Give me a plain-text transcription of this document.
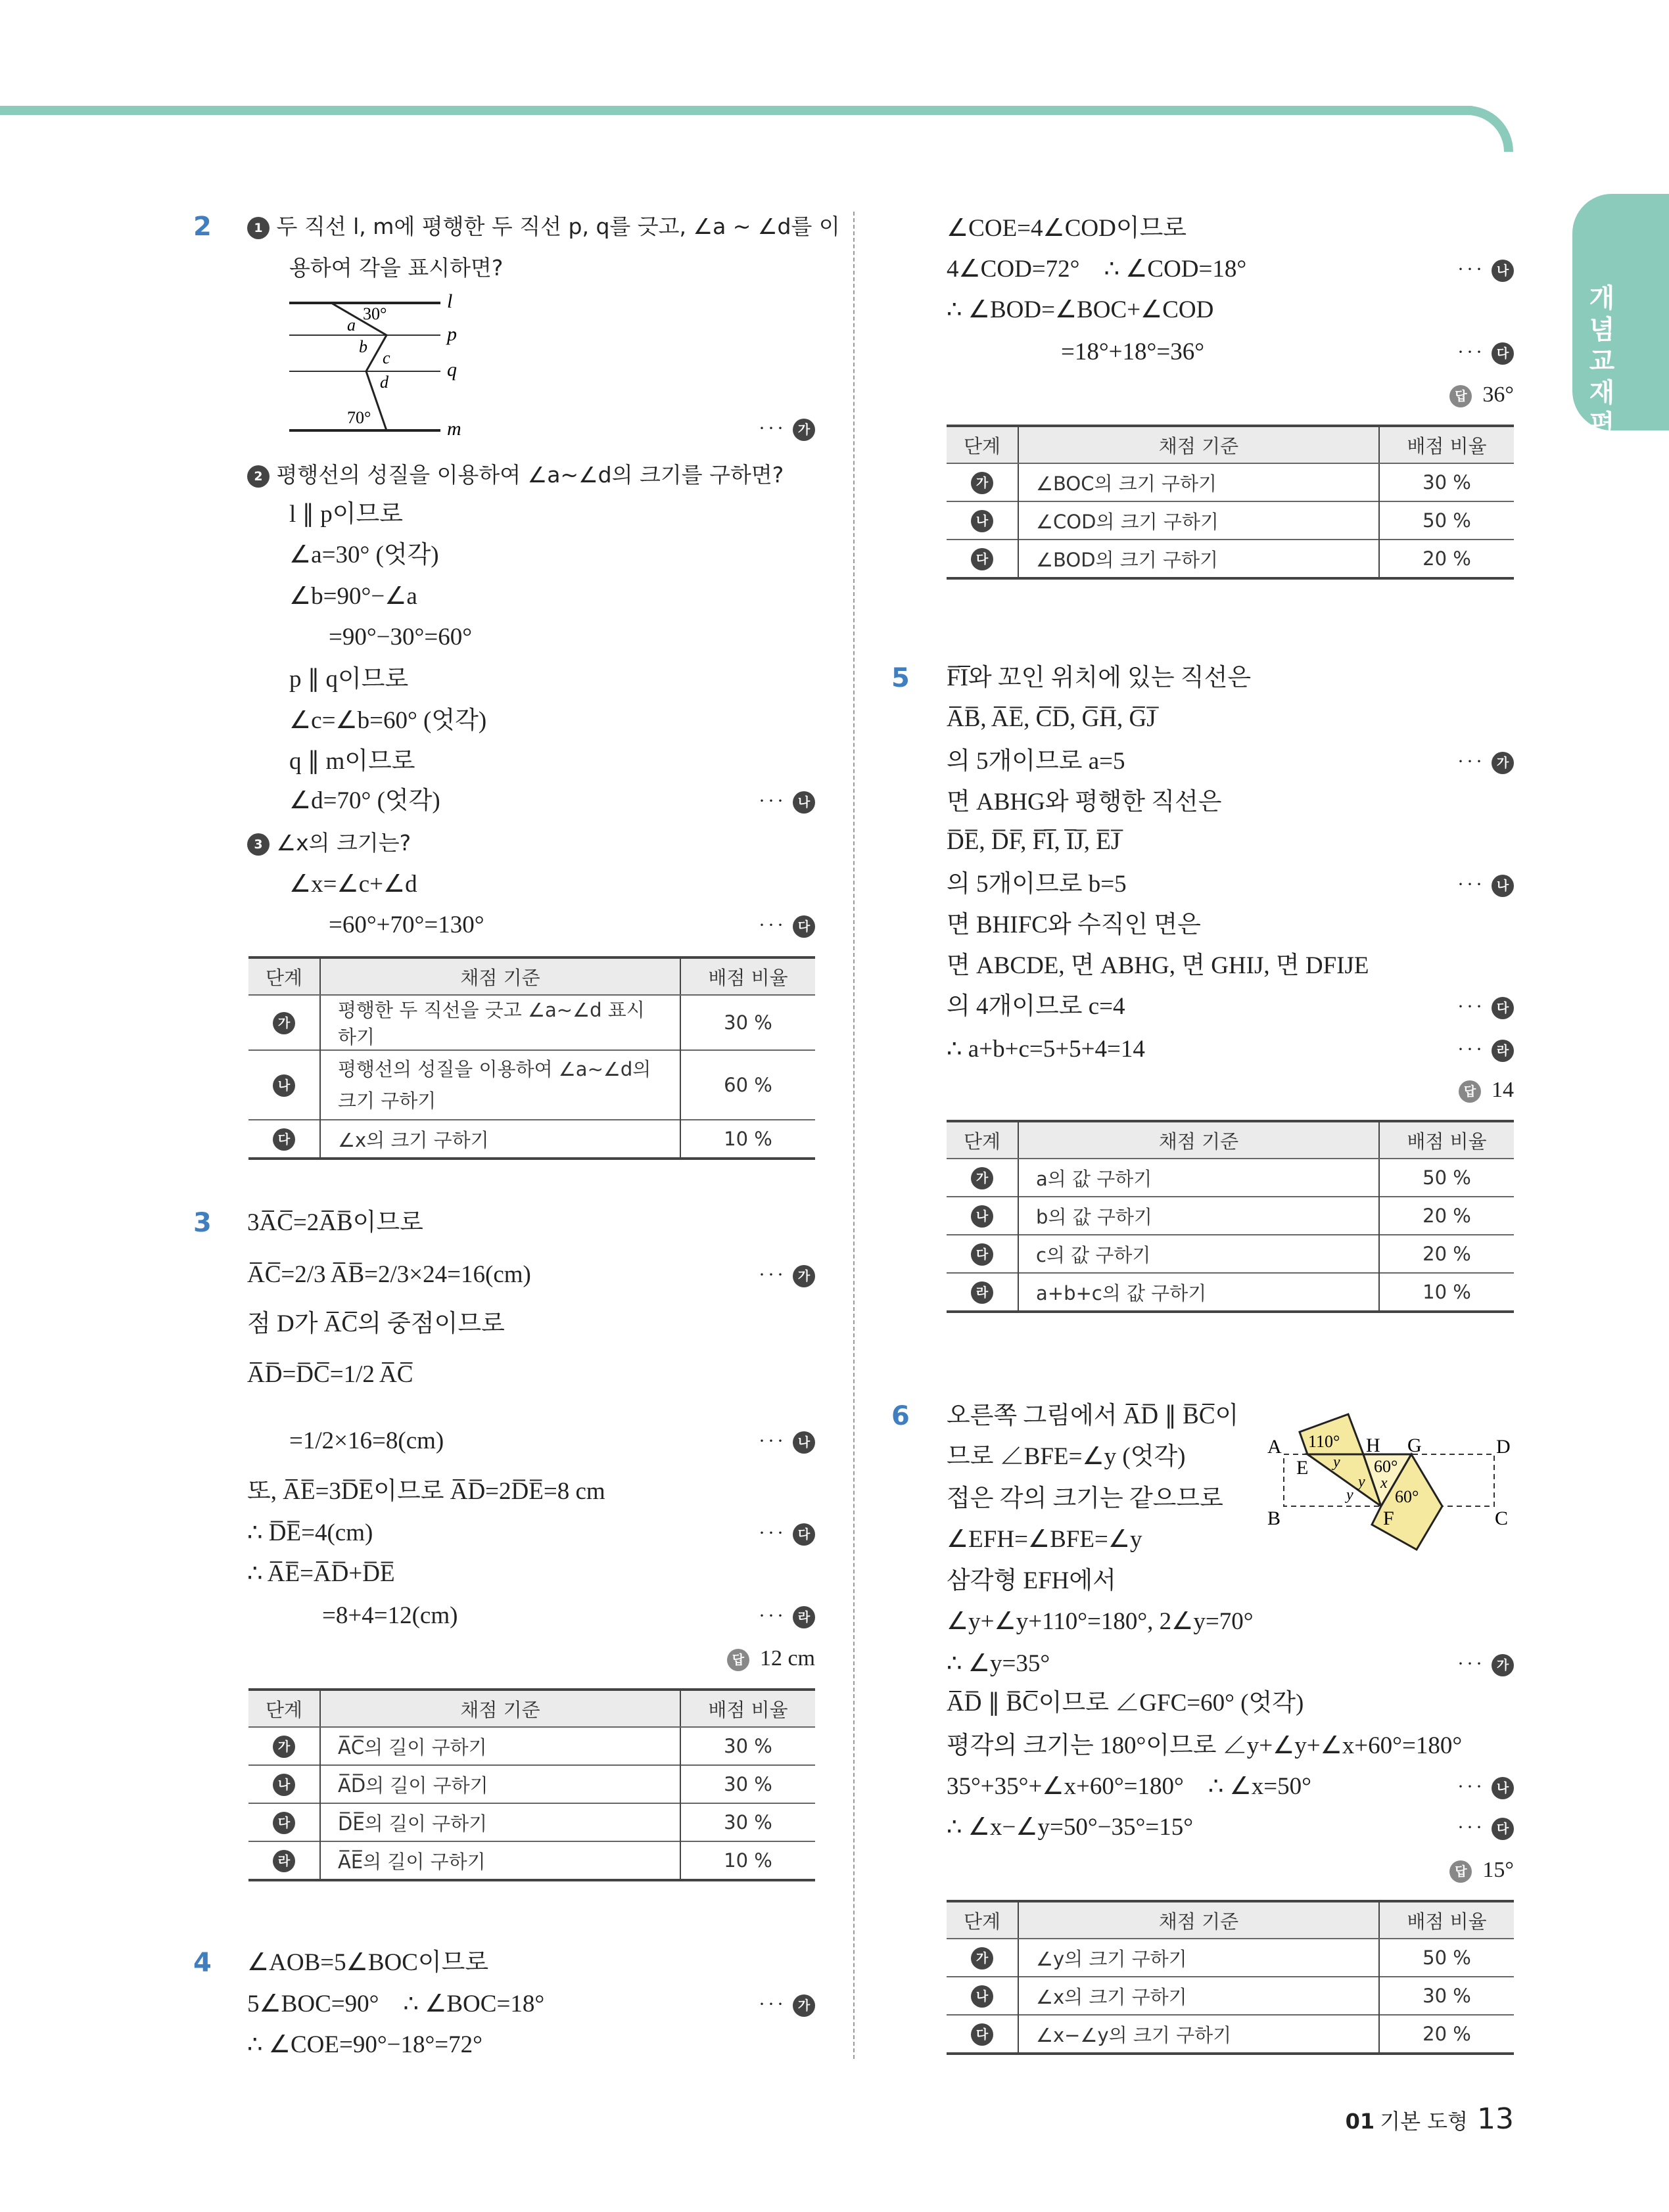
개념교재편
2	1 두 직선 l, m에 평행한 두 직선 p, q를 긋고, ∠a ~ ∠d를 이
용하여 각을 표시하면?
l
p
q
m
30°
a
b
c
d
70°	··· 가
2 평행선의 성질을 이용하여 ∠a~∠d의 크기를 구하면?
l ∥ p이므로
∠a=30° (엇각)
∠b=90°−∠a
=90°−30°=60°
p ∥ q이므로
∠c=∠b=60° (엇각)
q ∥ m이므로
∠d=70° (엇각)	··· 나
3 ∠x의 크기는?
∠x=∠c+∠d
=60°+70°=130°	··· 다
단계	채점 기준	배점 비율
가	평행한 두 직선을 긋고 ∠a~∠d 표시하기	30 %
나	평행선의 성질을 이용하여 ∠a~∠d의 크기 구하기	60 %
다	∠x의 크기 구하기	10 %
3 3A̅C̅=2A̅B̅이므로
A̅C̅=2/3 A̅B̅=2/3×24=16(cm)	··· 가
점 D가 A̅C̅의 중점이므로
A̅D̅=D̅C̅=1/2 A̅C̅
=1/2×16=8(cm)	··· 나
또, A̅E̅=3D̅E̅이므로 A̅D̅=2D̅E̅=8 cm
∴ D̅E̅=4(cm)	··· 다
∴ A̅E̅=A̅D̅+D̅E̅
=8+4=12(cm)	··· 라
답 12 cm
단계	채점 기준	배점 비율
가	A̅C̅의 길이 구하기	30 %
나	A̅D̅의 길이 구하기	30 %
다	D̅E̅의 길이 구하기	30 %
라	A̅E̅의 길이 구하기	10 %
4 ∠AOB=5∠BOC이므로
5∠BOC=90°    ∴ ∠BOC=18°	··· 가
∴ ∠COE=90°−18°=72°
∠COE=4∠COD이므로
4∠COD=72°    ∴ ∠COD=18°	··· 나
∴ ∠BOD=∠BOC+∠COD
=18°+18°=36°	··· 다
답 36°
단계	채점 기준	배점 비율
가	∠BOC의 크기 구하기	30 %
나	∠COD의 크기 구하기	50 %
다	∠BOD의 크기 구하기	20 %
5 F̅I̅와 꼬인 위치에 있는 직선은
A̅B̅, A̅E̅, C̅D̅, G̅H̅, G̅J̅
의 5개이므로 a=5	··· 가
면 ABHG와 평행한 직선은
D̅E̅, D̅F̅, F̅I̅, I̅J̅, E̅J̅
의 5개이므로 b=5	··· 나
면 BHIFC와 수직인 면은
면 ABCDE, 면 ABHG, 면 GHIJ, 면 DFIJE
의 4개이므로 c=4	··· 다
∴ a+b+c=5+5+4=14	··· 라
답 14
단계	채점 기준	배점 비율
가	a의 값 구하기	50 %
나	b의 값 구하기	20 %
다	c의 값 구하기	20 %
라	a+b+c의 값 구하기	10 %
6 오른쪽 그림에서 A̅D̅ ∥ B̅C̅이
므로 ∠BFE=∠y (엇각)
접은 각의 크기는 같으므로
∠EFH=∠BFE=∠y
삼각형 EFH에서
∠y+∠y+110°=180°, 2∠y=70°
∴ ∠y=35°	··· 가
A̅D̅ ∥ B̅C̅이므로 ∠GFC=60° (엇각)
평각의 크기는 180°이므로 ∠y+∠y+∠x+60°=180°
35°+35°+∠x+60°=180°    ∴ ∠x=50°	··· 나
∴ ∠x−∠y=50°−35°=15°	··· 다
답 15°
A	H G	D
E
B	C
F
110°
60°
60°
x
y
y
y
단계	채점 기준	배점 비율
가	∠y의 크기 구하기	50 %
나	∠x의 크기 구하기	30 %
다	∠x−∠y의 크기 구하기	20 %
01 기본 도형 13
